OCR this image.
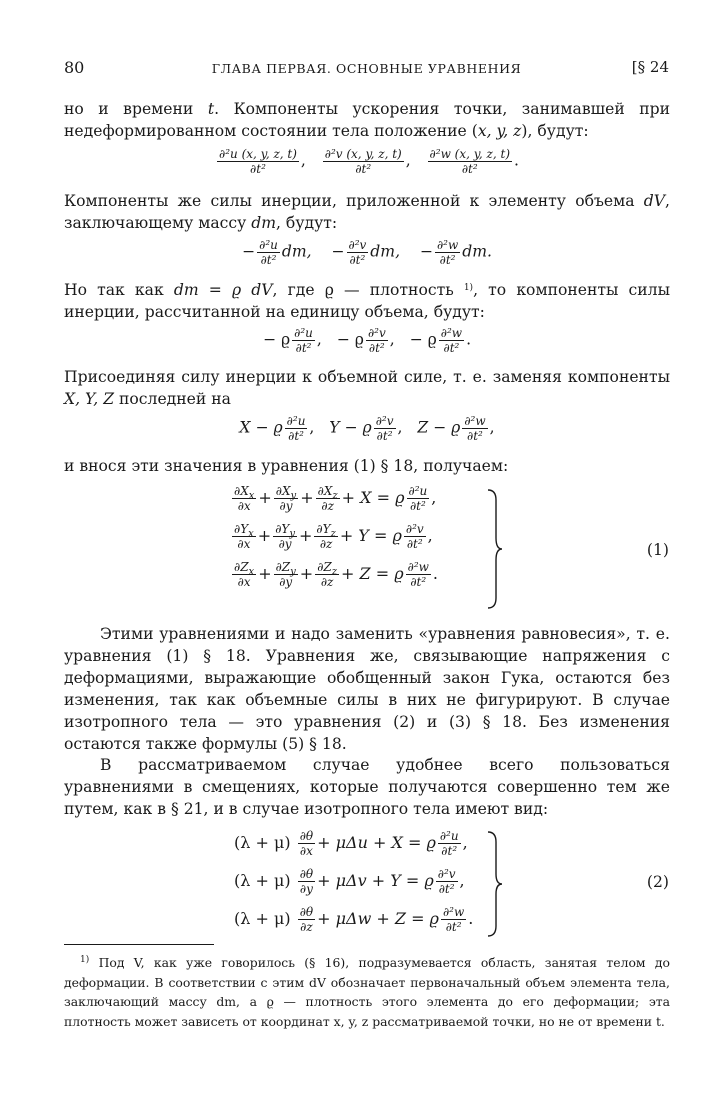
80	ГЛАВА ПЕРВАЯ. ОСНОВНЫЕ УРАВНЕНИЯ	[§ 24

но и времени t. Компоненты ускорения точки, занимавшей при недеформированном состоянии тела положение (x, y, z), будут:

$\frac{\text{∂²u (x, y, z, t)}}{\text{∂t²}}$ , $\frac{\text{∂²v (x, y, z, t)}}{\text{∂t²}}$ , $\frac{\text{∂²w (x, y, z, t)}}{\text{∂t²}}$ .

Компоненты же силы инерции, приложенной к элементу объема dV, заключающему массу dm, будут:

− $\frac{\text{∂²u}}{\text{∂t²}}$ dm, − $\frac{\text{∂²v}}{\text{∂t²}}$ dm, − $\frac{\text{∂²w}}{\text{∂t²}}$ dm.

Но так как dm = ϱ dV, где ϱ — плотность $^{1)}$, то компоненты силы инерции, рассчитанной на единицу объема, будут:

− ϱ $\frac{\text{∂²u}}{\text{∂t²}}$ ,   − ϱ $\frac{\text{∂²v}}{\text{∂t²}}$ ,   − ϱ $\frac{\text{∂²w}}{\text{∂t²}}$ .

Присоединяя силу инерции к объемной силе, т. е. заменяя компоненты X, Y, Z последней на

X − ϱ $\frac{\text{∂²u}}{\text{∂t²}}$ ,   Y − ϱ $\frac{\text{∂²v}}{\text{∂t²}}$ ,   Z − ϱ $\frac{\text{∂²w}}{\text{∂t²}}$ ,

и внося эти значения в уравнения (1) § 18, получаем:

$\frac{\partial X_x}{\partial x} + \frac{\partial X_y}{\partial y} + \frac{\partial X_z}{\partial z} + X = ϱ \frac{\text{∂²u}}{\text{∂t²}}$ ,
$\frac{\partial Y_x}{\partial x} + \frac{\partial Y_y}{\partial y} + \frac{\partial Y_z}{\partial z} + Y = ϱ \frac{\text{∂²v}}{\text{∂t²}}$ ,
$\frac{\partial Z_x}{\partial x} + \frac{\partial Z_y}{\partial y} + \frac{\partial Z_z}{\partial z} + Z = ϱ \frac{\text{∂²w}}{\text{∂t²}}$ .
(1)

Этими уравнениями и надо заменить «уравнения равновесия», т. е. уравнения (1) § 18. Уравнения же, связывающие напряжения с деформациями, выражающие обобщенный закон Гука, остаются без изменения, так как объемные силы в них не фигурируют. В случае изотропного тела — это уравнения (2) и (3) § 18. Без изменения остаются также формулы (5) § 18.

В рассматриваемом случае удобнее всего пользоваться уравнениями в смещениях, которые получаются совершенно тем же путем, как в § 21, и в случае изотропного тела имеют вид:

$(\lambda + \mu) \frac{\partial\theta}{\partial x} + \mu\Delta u + X = ϱ \frac{\text{∂²u}}{\text{∂t²}}$ ,
$(\lambda + \mu) \frac{\partial\theta}{\partial y} + \mu\Delta v + Y = ϱ \frac{\text{∂²v}}{\text{∂t²}}$ ,
$(\lambda + \mu) \frac{\partial\theta}{\partial z} + \mu\Delta w + Z = ϱ \frac{\text{∂²w}}{\text{∂t²}}$ .
(2)

$^{1)}$ Под V, как уже говорилось (§ 16), подразумевается область, занятая телом до деформации. В соответствии с этим dV обозначает первоначальный объем элемента тела, заключающий массу dm, а ϱ — плотность этого элемента до его деформации; эта плотность может зависеть от координат x, y, z рассматриваемой точки, но не от времени t.
